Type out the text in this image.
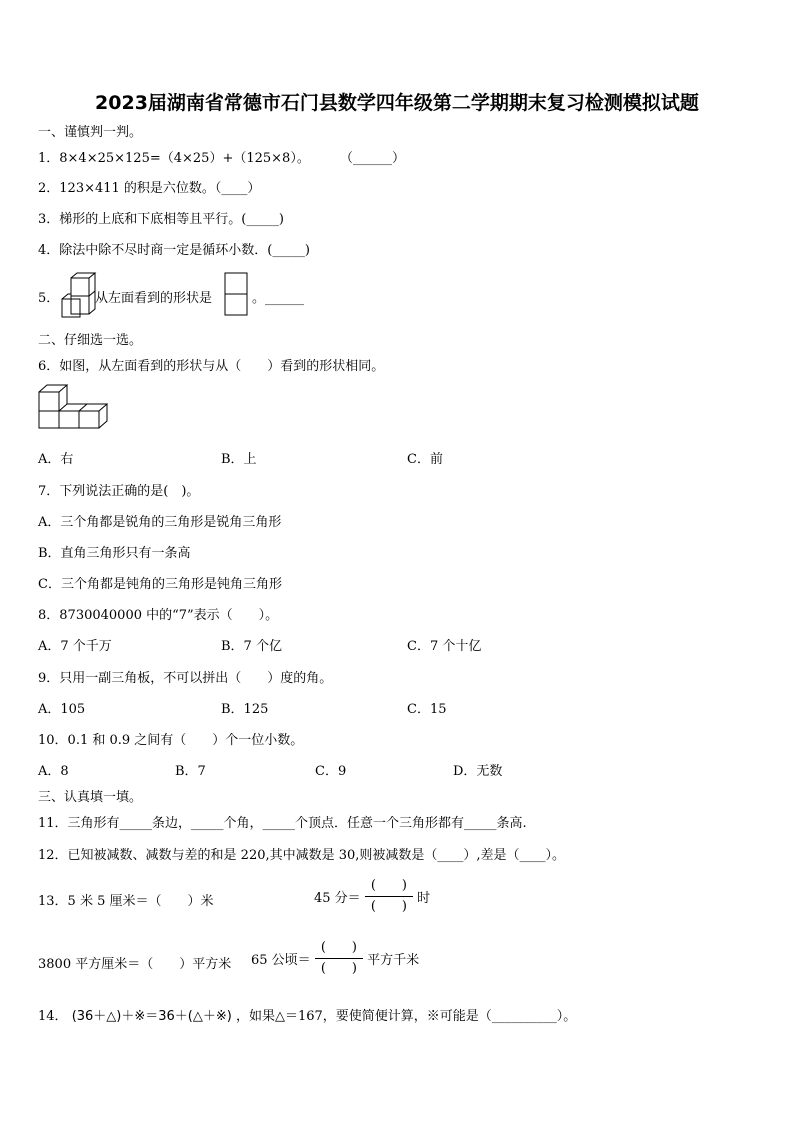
2023届湖南省常德市石门县数学四年级第二学期期末复习检测模拟试题
一、谨慎判一判。
1．8×4×25×125=（4×25）+（125×8）。 （______）
2．123×411 的积是六位数。（____）
3．梯形的上底和下底相等且平行。(_____)
4．除法中除不尽时商一定是循环小数．(_____)
5．	从左面看到的形状是	。______
二、仔细选一选。
6．如图，从左面看到的形状与从（　　）看到的形状相同。
A．右	B．上	C．前
7．下列说法正确的是(　)。
A．三个角都是锐角的三角形是锐角三角形
B．直角三角形只有一条高
C．三个角都是钝角的三角形是钝角三角形
8．8730040000 中的“7”表示（　　）。
A．7 个千万	B．7 个亿	C．7 个十亿
9．只用一副三角板，不可以拼出（　　）度的角。
A．105	B．125	C．15
10．0.1 和 0.9 之间有（　　）个一位小数。
A．8	B．7	C．9	D．无数
三、认真填一填。
11．三角形有_____条边，_____个角，_____个顶点．任意一个三角形都有_____条高.
12．已知被减数、减数与差的和是 220,其中减数是 30,则被减数是（____）,差是（____）。
13．5 米 5 厘米＝（　　）米	45 分＝ $\frac{( )}{( )}$ 时
3800 平方厘米＝（　　）平方米 65 公顷＝ $\frac{( )}{( )}$ 平方千米
14． (36＋△)＋※＝36＋(△＋※) ，如果△＝167，要使简便计算，※可能是（__________）。
